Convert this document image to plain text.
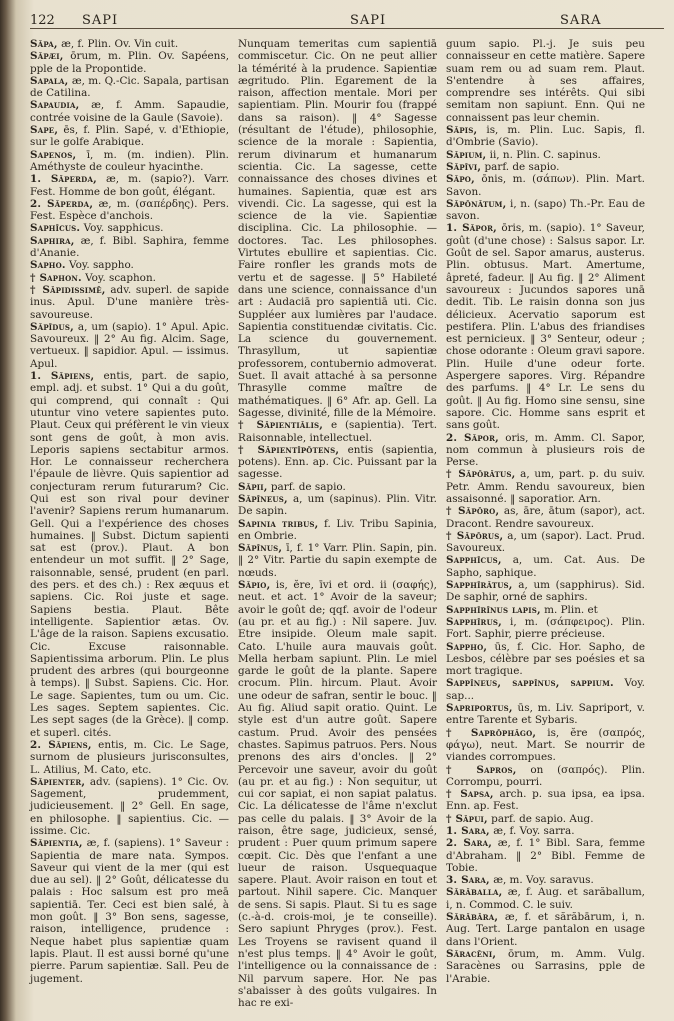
122 SAPI	SAPI	SARA

Săpa, æ, f. Plin. Ov. Vin cuit.

Săpæi, ōrum, m. Plin. Ov. Sapéens, pple de la Propontide.

Sapala, æ, m. Q.-Cic. Sapala, partisan de Catilina.

Sapaudia, æ, f. Amm. Sapaudie, contrée voisine de la Gaule (Savoie).

Sape, ēs, f. Plin. Sapé, v. d'Ethiopie, sur le golfe Arabique.

Sapenos, ī, m. (m. indien). Plin. Améthyste de couleur hyacinthe.

1. Săperda, æ, m. (sapio?). Varr. Fest. Homme de bon goût, élégant.

2. Săperda, æ, m. (σαπέρδης). Pers. Fest. Espèce d'anchois.

Saphīcus. Voy. sapphicus.

Saphira, æ, f. Bibl. Saphira, femme d'Ananie.

Sapho. Voy. sappho.

† Saphon. Voy. scaphon.

† Săpidissimē, adv. superl. de sapide inus. Apul. D'une manière très-savoureuse.

Săpĭdus, a, um (sapio). 1° Apul. Apic. Savoureux. ‖ 2° Au fig. Alcim. Sage, vertueux. ‖ sapidior. Apul. — issimus. Apul.

1. Săpiens, entis, part. de sapio, empl. adj. et subst. 1° Qui a du goût, qui comprend, qui connaît : Qui utuntur vino vetere sapientes puto. Plaut. Ceux qui préfèrent le vin vieux sont gens de goût, à mon avis. Leporis sapiens sectabitur armos. Hor. Le connaisseur recherchera l'épaule de lièvre. Quis sapientior ad conjecturam rerum futurarum? Cic. Qui est son rival pour deviner l'avenir? Sapiens rerum humanarum. Gell. Qui a l'expérience des choses humaines. ‖ Subst. Dictum sapienti sat est (prov.). Plaut. A bon entendeur un mot suffit. ‖ 2° Sage, raisonnable, sensé, prudent (en parl. des pers. et des ch.) : Rex æquus et sapiens. Cic. Roi juste et sage. Sapiens bestia. Plaut. Bête intelligente. Sapientior ætas. Ov. L'âge de la raison. Sapiens excusatio. Cic. Excuse raisonnable. Sapientissima arborum. Plin. Le plus prudent des arbres (qui bourgeonne à temps). ‖ Subst. Sapiens. Cic. Hor. Le sage. Sapientes, tum ou um. Cic. Les sages. Septem sapientes. Cic. Les sept sages (de la Grèce). ‖ comp. et superl. cités.

2. Săpiens, entis, m. Cic. Le Sage, surnom de plusieurs jurisconsultes, L. Atilius, M. Cato, etc.

Săpienter, adv. (sapiens). 1° Cic. Ov. Sagement, prudemment, judicieusement. ‖ 2° Gell. En sage, en philosophe. ‖ sapientius. Cic. — issime. Cic.

Săpientia, æ, f. (sapiens). 1° Saveur : Sapientia de mare nata. Sympos. Saveur qui vient de la mer (qui est due au sel). ‖ 2° Goût, délicatesse du palais : Hoc salsum est pro meā sapientiā. Ter. Ceci est bien salé, à mon goût. ‖ 3° Bon sens, sagesse, raison, intelligence, prudence : Neque habet plus sapientiæ quam lapis. Plaut. Il est aussi borné qu'une pierre. Parum sapientiæ. Sall. Peu de jugement.

Nunquam temeritas cum sapientiā commiscetur. Cic. On ne peut allier la témérité à la prudence. Sapientiæ ægritudo. Plin. Egarement de la raison, affection mentale. Mori per sapientiam. Plin. Mourir fou (frappé dans sa raison). ‖ 4° Sagesse (résultant de l'étude), philosophie, science de la morale : Sapientia, rerum divinarum et humanarum scientia. Cic. La sagesse, cette connaissance des choses divines et humaines. Sapientia, quæ est ars vivendi. Cic. La sagesse, qui est la science de la vie. Sapientiæ disciplina. Cic. La philosophie. — doctores. Tac. Les philosophes. Virtutes ebullire et sapientias. Cic. Faire ronfler les grands mots de vertu et de sagesse. ‖ 5° Habileté dans une science, connaissance d'un art : Audaciā pro sapientiā uti. Cic. Suppléer aux lumières par l'audace. Sapientia constituendæ civitatis. Cic. La science du gouvernement. Thrasyllum, ut sapientiæ professorem, contubernio admoverat. Suet. Il avait attaché à sa personne Thrasylle comme maître de mathématiques. ‖ 6° Afr. ap. Gell. La Sagesse, divinité, fille de la Mémoire.

† Săpientiālis, e (sapientia). Tert. Raisonnable, intellectuel.

† Săpientĭpŏtens, entis (sapientia, potens). Enn. ap. Cic. Puissant par la sagesse.

Săpii, parf. de sapio.

Săpīneus, a, um (sapinus). Plin. Vitr. De sapin.

Sapinia tribus, f. Liv. Tribu Sapinia, en Ombrie.

Săpīnus, ī, f. 1° Varr. Plin. Sapin, pin. ‖ 2° Vitr. Partie du sapin exempte de nœuds.

Săpio, is, ĕre, īvi et ord. ii (σαφής), neut. et act. 1° Avoir de la saveur; avoir le goût de; qqf. avoir de l'odeur (au pr. et au fig.) : Nil sapere. Juv. Etre insipide. Oleum male sapit. Cato. L'huile aura mauvais goût. Mella herbam sapiunt. Plin. Le miel garde le goût de la plante. Sapere crocum. Plin. hircum. Plaut. Avoir une odeur de safran, sentir le bouc. ‖ Au fig. Aliud sapit oratio. Quint. Le style est d'un autre goût. Sapere castum. Prud. Avoir des pensées chastes. Sapimus patruos. Pers. Nous prenons des airs d'oncles. ‖ 2° Percevoir une saveur, avoir du goût (au pr. et au fig.) : Non sequitur, ut cui cor sapiat, ei non sapiat palatus. Cic. La délicatesse de l'âme n'exclut pas celle du palais. ‖ 3° Avoir de la raison, être sage, judicieux, sensé, prudent : Puer quum primum sapere cœpit. Cic. Dès que l'enfant a une lueur de raison. Usquequaque sapere. Plaut. Avoir raison en tout et partout. Nihil sapere. Cic. Manquer de sens. Si sapis. Plaut. Si tu es sage (c.-à-d. crois-moi, je te conseille). Sero sapiunt Phryges (prov.). Fest. Les Troyens se ravisent quand il n'est plus temps. ‖ 4° Avoir le goût, l'intelligence ou la connaissance de : Nil parvum sapere. Hor. Ne pas s'abaisser à des goûts vulgaires. In hac re exi-

guum sapio. Pl.-j. Je suis peu connaisseur en cette matière. Sapere suam rem ou ad suam rem. Plaut. S'entendre à ses affaires, comprendre ses intérêts. Qui sibi semitam non sapiunt. Enn. Qui ne connaissent pas leur chemin.

Săpis, is, m. Plin. Luc. Sapis, fl. d'Ombrie (Savio).

Sāpium, ii, n. Plin. C. sapinus.

Săpīvi, parf. de sapio.

Săpo, ōnis, m. (σάπων). Plin. Mart. Savon.

Săpōnātum, i, n. (sapo) Th.-Pr. Eau de savon.

1. Săpor, ōris, m. (sapio). 1° Saveur, goût (d'une chose) : Salsus sapor. Lr. Goût de sel. Sapor amarus, austerus. Plin. obtusus. Mart. Amertume, âpreté, fadeur. ‖ Au fig. ‖ 2° Aliment savoureux : Jucundos sapores unā dedit. Tib. Le raisin donna son jus délicieux. Acervatio saporum est pestifera. Plin. L'abus des friandises est pernicieux. ‖ 3° Senteur, odeur ; chose odorante : Oleum gravi sapore. Plin. Huile d'une odeur forte. Aspergere sapores. Virg. Répandre des parfums. ‖ 4° Lr. Le sens du goût. ‖ Au fig. Homo sine sensu, sine sapore. Cic. Homme sans esprit et sans goût.

2. Săpor, oris, m. Amm. Cl. Sapor, nom commun à plusieurs rois de Perse.

† Săpōrātus, a, um, part. p. du suiv. Petr. Amm. Rendu savoureux, bien assaisonné. ‖ saporatior. Arn.

† Săpōro, as, āre, ātum (sapor), act. Dracont. Rendre savoureux.

† Săpōrus, a, um (sapor). Lact. Prud. Savoureux.

Sapphĭcus, a, um. Cat. Aus. De Sapho, saphique.

Sapphĭrātus, a, um (sapphirus). Sid. De saphir, orné de saphirs.

Sapphĭrīnus lapis, m. Plin. et

Sapphīrus, i, m. (σάπφειρος). Plin. Fort. Saphir, pierre précieuse.

Sappho, ūs, f. Cic. Hor. Sapho, de Lesbos, célèbre par ses poésies et sa mort tragique.

Sappīneus, sappīnus, sappium. Voy. sap...

Sapriportus, ūs, m. Liv. Sapriport, v. entre Tarente et Sybaris.

† Saprŏphăgo, is, ĕre (σαπρός, φάγω), neut. Mart. Se nourrir de viandes corrompues.

† Sapros, on (σαπρός). Plin. Corrompu, pourri.

† Sapsa, arch. p. sua ipsa, ea ipsa. Enn. ap. Fest.

† Săpui, parf. de sapio. Aug.

1. Sara, æ, f. Voy. sarra.

2. Sara, æ, f. 1° Bibl. Sara, femme d'Abraham. ‖ 2° Bibl. Femme de Tobie.

3. Sara, æ, m. Voy. saravus.

Sărăballa, æ, f. Aug. et sarăballum, i, n. Commod. C. le suiv.

Sărăbāra, æ, f. et sărăbārum, i, n. Aug. Tert. Large pantalon en usage dans l'Orient.

Săracēni, ōrum, m. Amm. Vulg. Saracènes ou Sarrasins, pple de l'Arabie.
